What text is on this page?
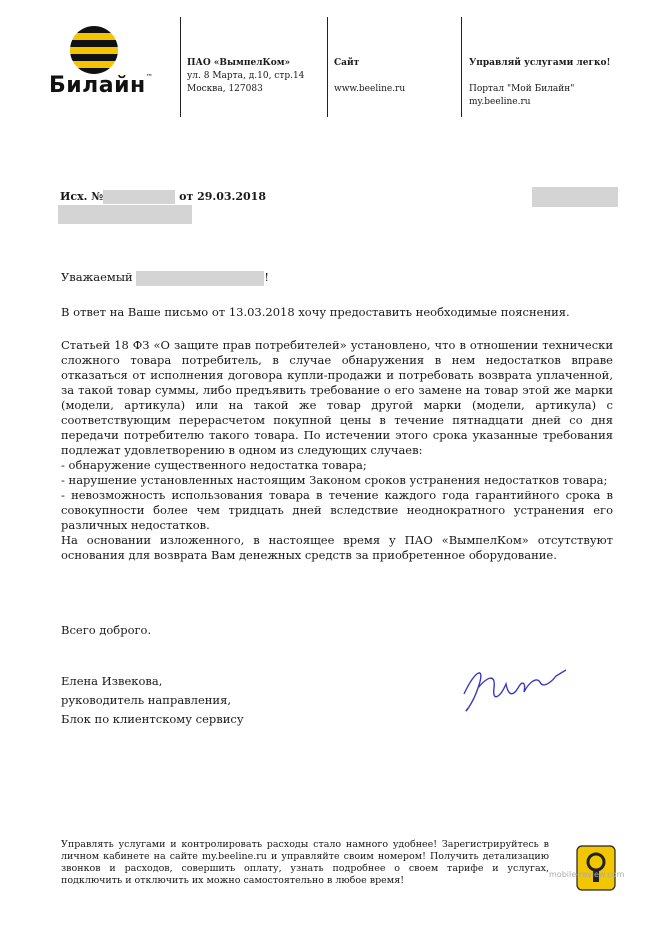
Билайн™
ПАО «ВымпелКом»
ул. 8 Марта, д.10, стр.14
Москва, 127083
Сайт
www.beeline.ru
Управляй услугами легко!
Портал "Мой Билайн"
my.beeline.ru
Исх. №	от 29.03.2018
Уважаемый	!
В ответ на Ваше письмо от 13.03.2018 хочу предоставить необходимые пояснения.

Статьей 18 ФЗ «О защите прав потребителей» установлено, что в отношении технически сложного товара потребитель, в случае обнаружения в нем недостатков вправе отказаться от исполнения договора купли-продажи и потребовать возврата уплаченной, за такой товар суммы, либо предъявить требование о его замене на товар этой же марки (модели, артикула) или на такой же товар другой марки (модели, артикула) с соответствующим перерасчетом покупной цены в течение пятнадцати дней со дня передачи потребителю такого товара. По истечении этого срока указанные требования подлежат удовлетворению в одном из следующих случаев:

- обнаружение существенного недостатка товара;

- нарушение установленных настоящим Законом сроков устранения недостатков товара;

- невозможность использования товара в течение каждого года гарантийного срока в совокупности более чем тридцать дней вследствие неоднократного устранения его различных недостатков.

На основании изложенного, в настоящее время у ПАО «ВымпелКом» отсутствуют основания для возврата Вам денежных средств за приобретенное оборудование.

Всего доброго.
Елена Извекова,
руководитель направления,
Блок по клиентскому сервису
Управлять услугами и контролировать расходы стало намного удобнее! Зарегистрируйтесь в личном кабинете на сайте my.beeline.ru и управляйте своим номером! Получить детализацию звонков и расходов, совершить оплату, узнать подробнее о своем тарифе и услугах, подключить и отключить их можно самостоятельно в любое время!
mobile-review.com
